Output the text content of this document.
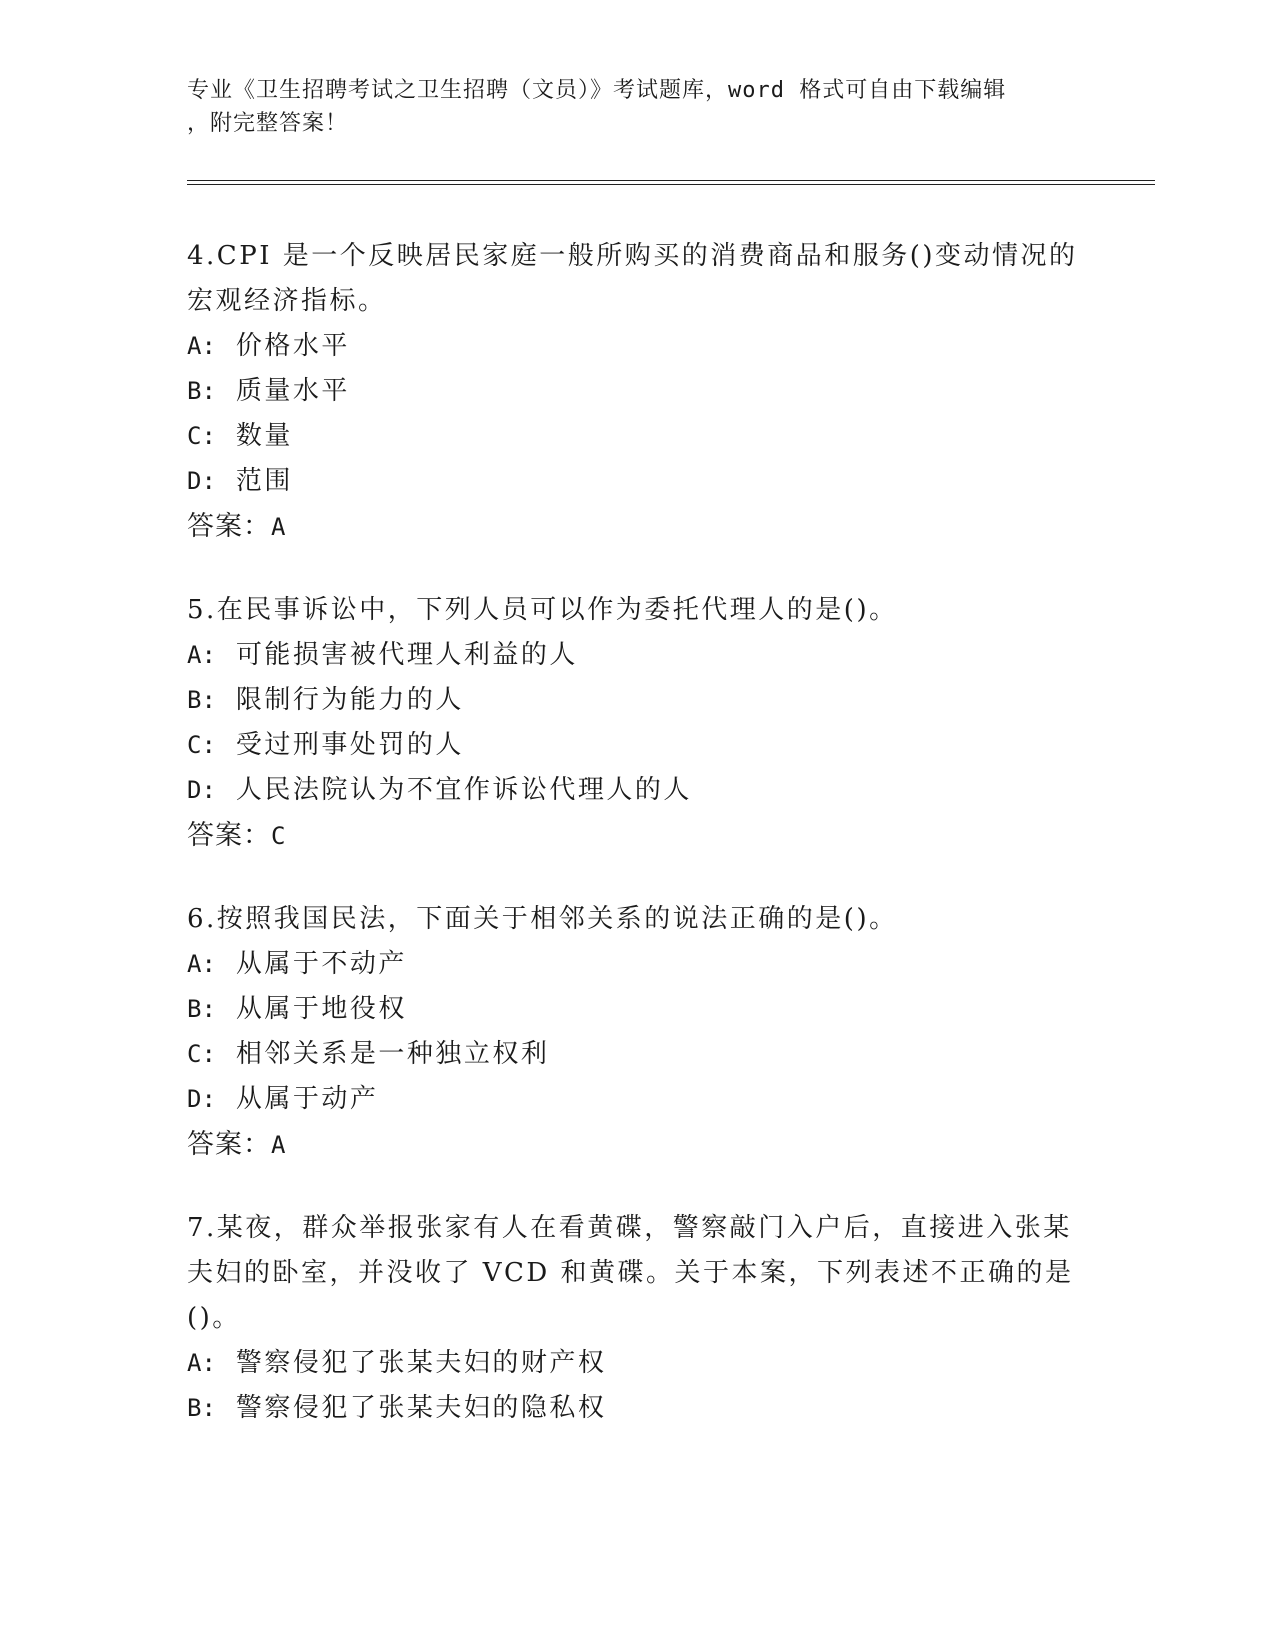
专业《卫生招聘考试之卫生招聘（文员）》考试题库，word 格式可自由下载编辑
，附完整答案！

4.CPI 是一个反映居民家庭一般所购买的消费商品和服务()变动情况的宏观经济指标。

A: 价格水平

B: 质量水平

C: 数量

D: 范围

答案：A

5.在民事诉讼中，下列人员可以作为委托代理人的是()。

A: 可能损害被代理人利益的人

B: 限制行为能力的人

C: 受过刑事处罚的人

D: 人民法院认为不宜作诉讼代理人的人

答案：C

6.按照我国民法，下面关于相邻关系的说法正确的是()。

A: 从属于不动产

B: 从属于地役权

C: 相邻关系是一种独立权利

D: 从属于动产

答案：A

7.某夜，群众举报张家有人在看黄碟，警察敲门入户后，直接进入张某夫妇的卧室，并没收了 VCD 和黄碟。关于本案，下列表述不正确的是()。

A: 警察侵犯了张某夫妇的财产权

B: 警察侵犯了张某夫妇的隐私权
